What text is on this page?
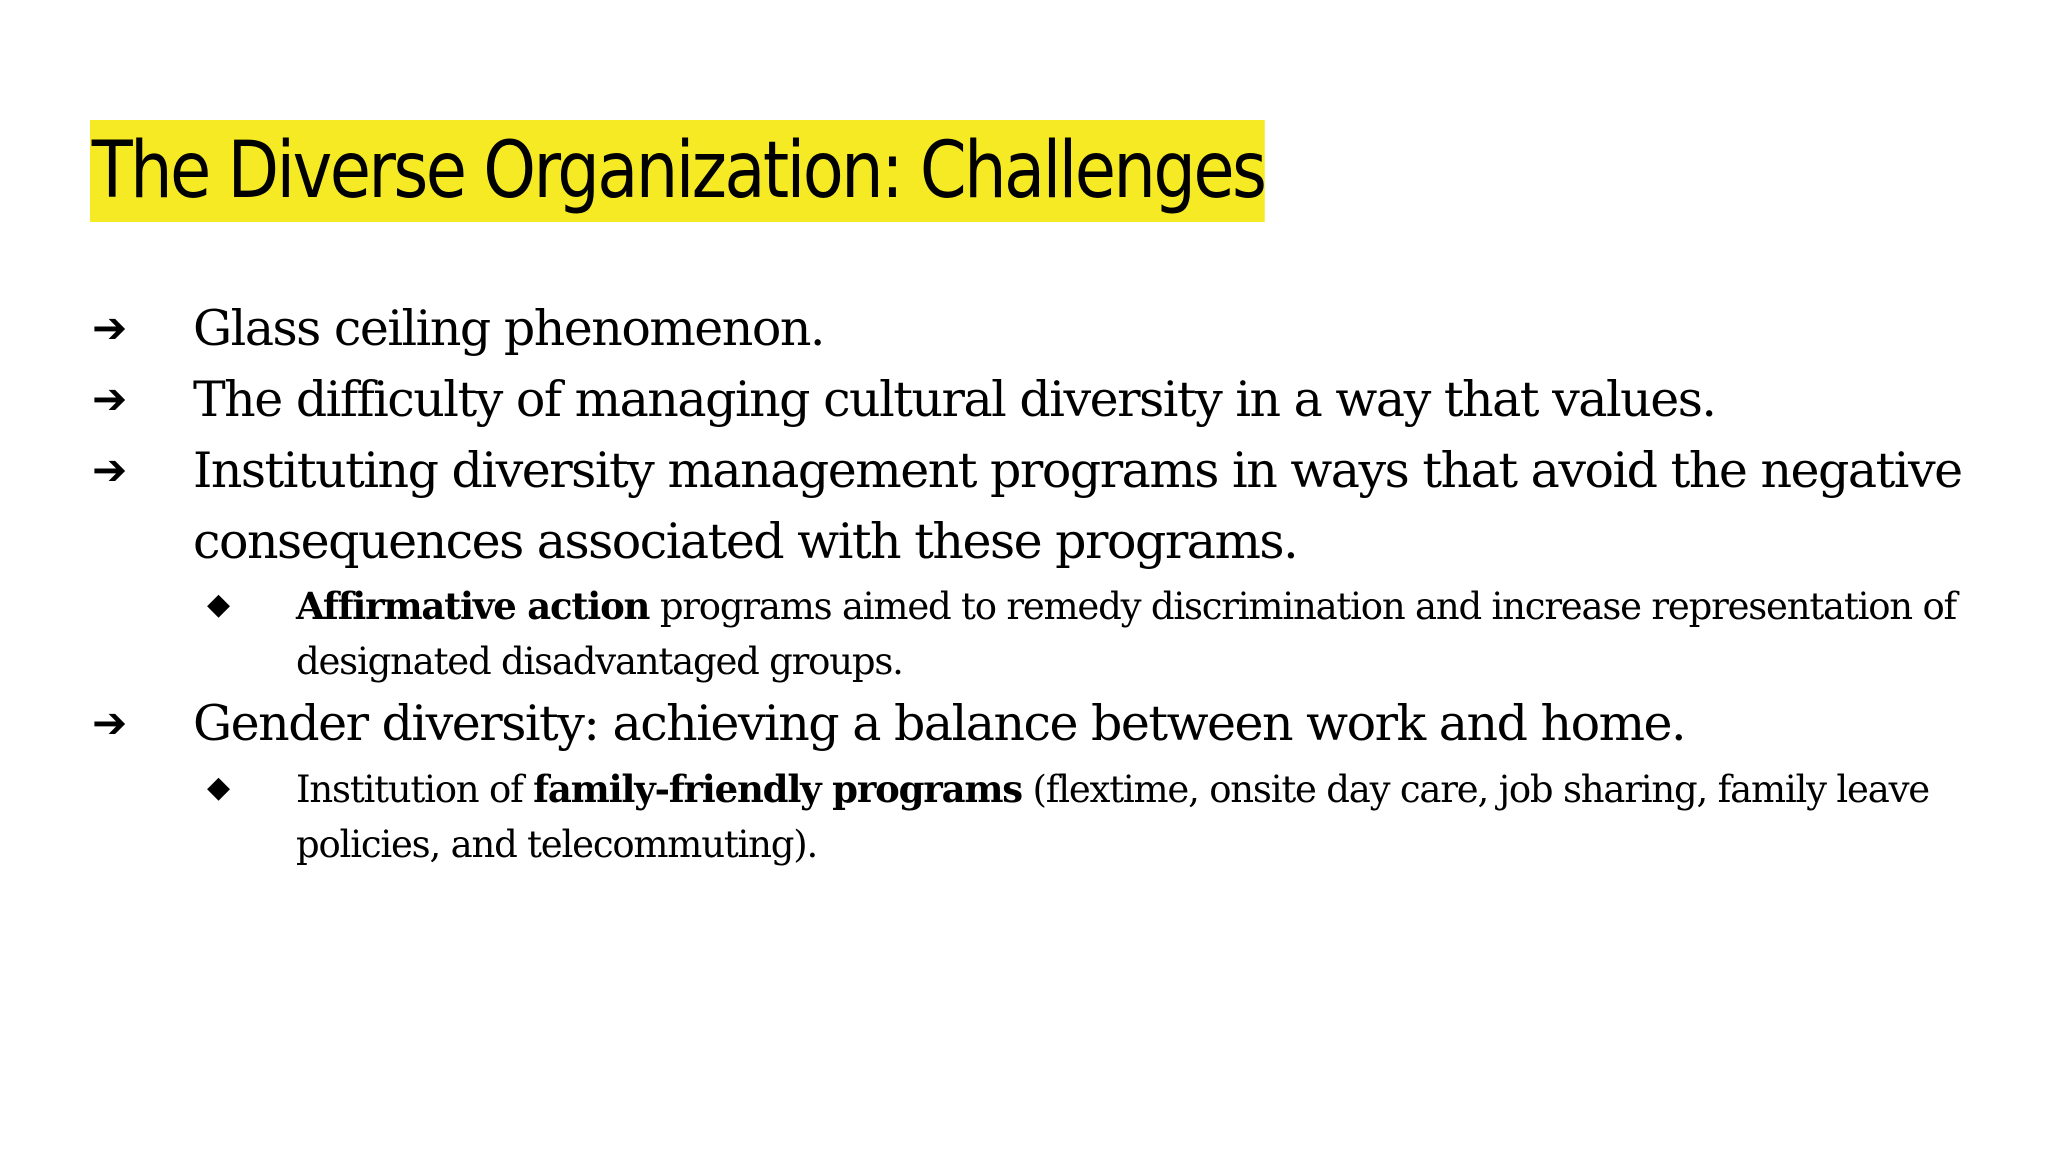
The Diverse Organization: Challenges
➔ Glass ceiling phenomenon.
➔ The difficulty of managing cultural diversity in a way that values.
➔ Instituting diversity management programs in ways that avoid the negative
consequences associated with these programs.
◆ Affirmative action programs aimed to remedy discrimination and increase representation of
designated disadvantaged groups.
➔ Gender diversity: achieving a balance between work and home.
◆ Institution of family-friendly programs (flextime, onsite day care, job sharing, family leave
policies, and telecommuting).
